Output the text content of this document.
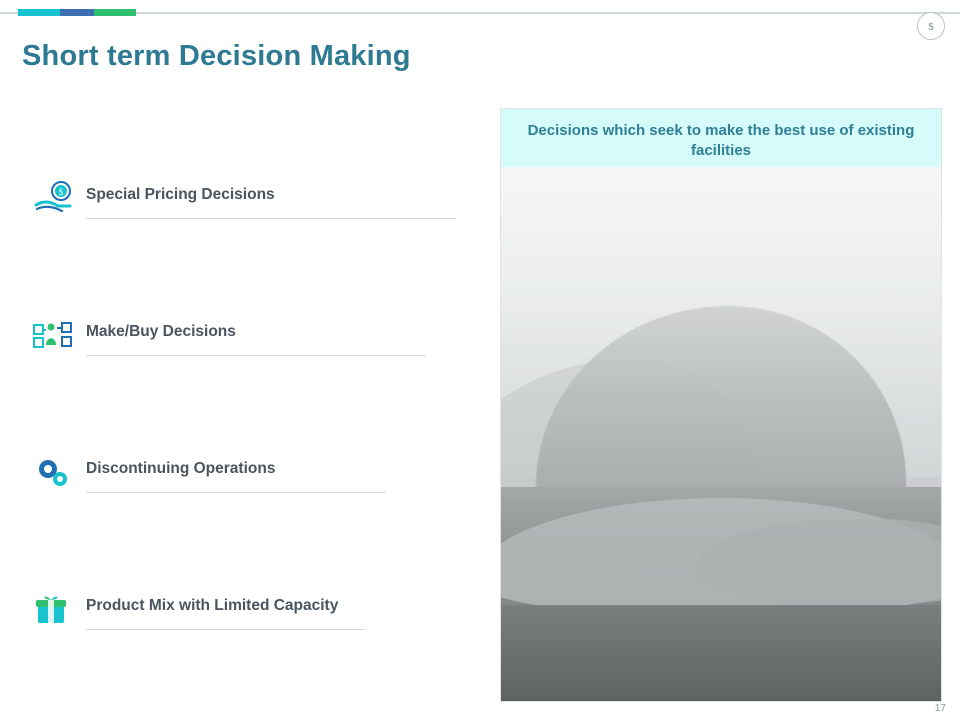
$
Short term Decision Making
$ Special Pricing Decisions
Make/Buy Decisions
Discontinuing Operations
Product Mix with Limited Capacity
Decisions which seek to make the best use of existing facilities
17
